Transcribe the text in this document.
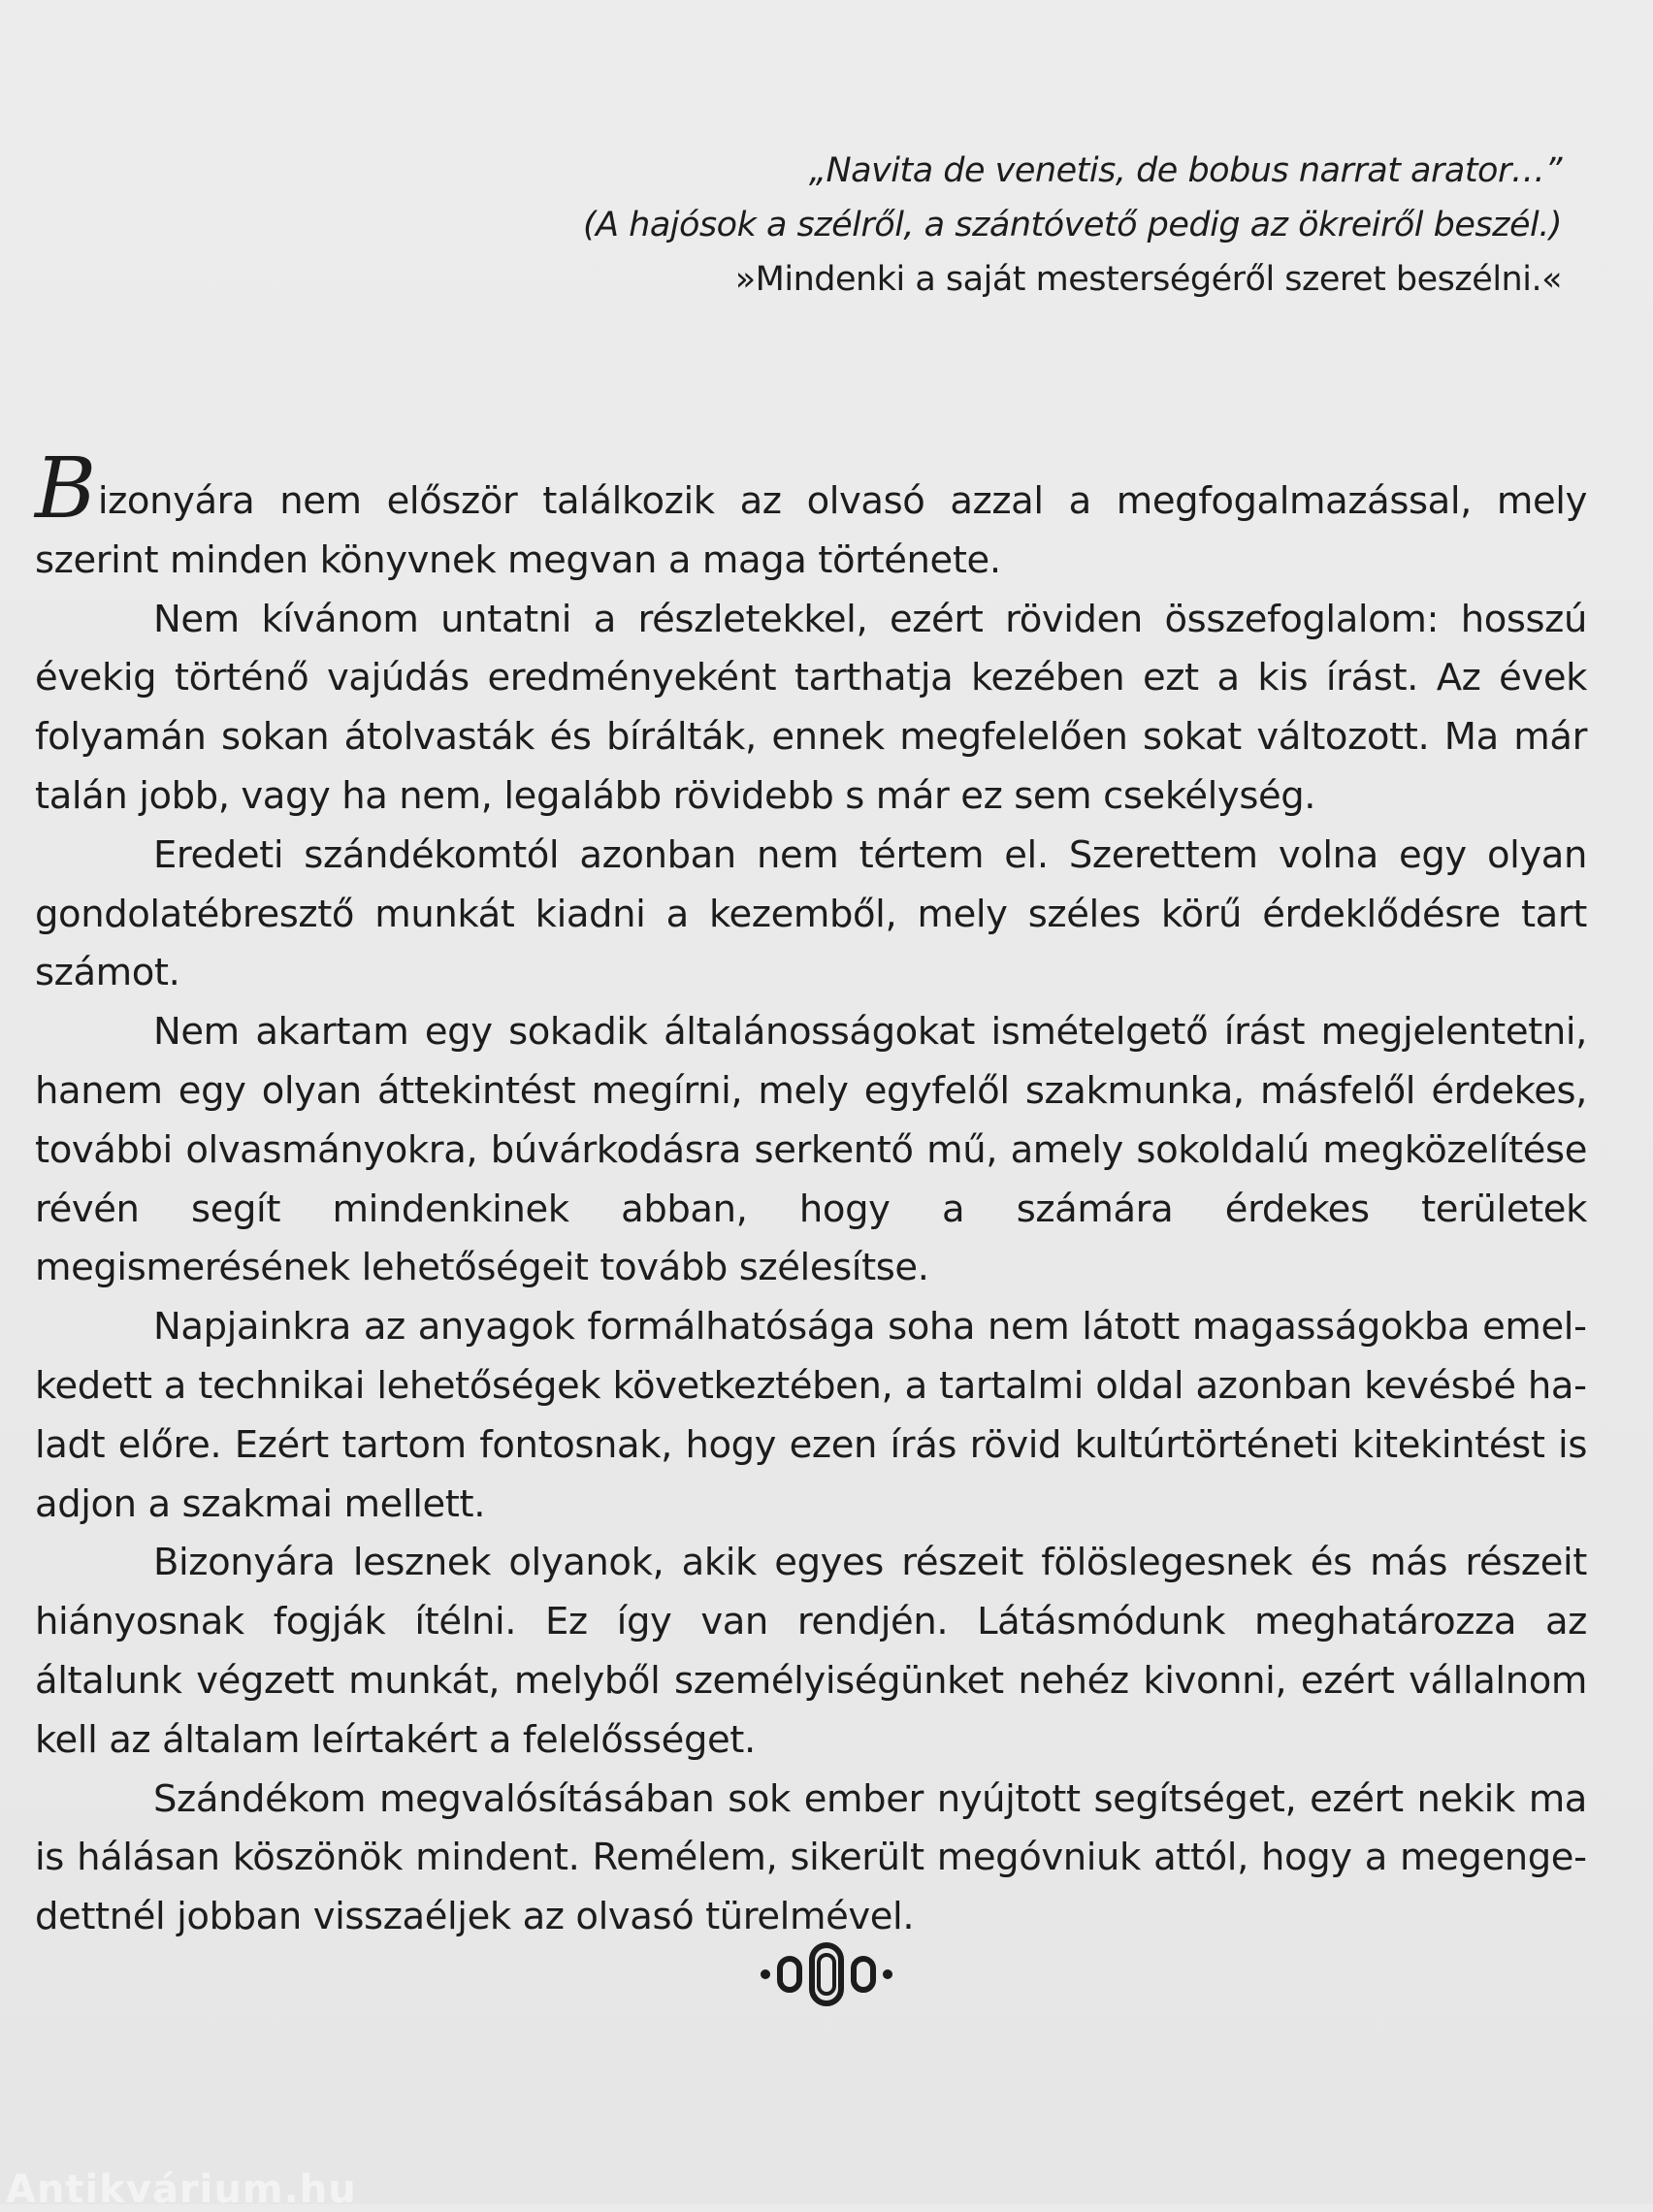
„Navita de venetis, de bobus narrat arator…”
(A hajósok a szélről, a szántóvető pedig az ökreiről beszél.)
»Mindenki a saját mesterségéről szeret beszélni.«

Bizonyára nem először találkozik az olvasó azzal a megfogalmazással, mely szerint minden könyvnek megvan a maga története.

Nem kívánom untatni a részletekkel, ezért röviden összefoglalom: hosszú évekig történő vajúdás eredményeként tarthatja kezében ezt a kis írást. Az évek folyamán sokan átolvasták és bírálták, ennek megfelelően sokat változott. Ma már talán jobb, vagy ha nem, legalább rövidebb s már ez sem csekélység.

Eredeti szándékomtól azonban nem tértem el. Szerettem volna egy olyan gondolatébresztő munkát kiadni a kezemből, mely széles körű érdeklődésre tart számot.

Nem akartam egy sokadik általánosságokat ismételgető írást megjelentetni, hanem egy olyan áttekintést megírni, mely egyfelől szakmunka, másfelől érdekes, további olvasmányokra, búvárkodásra serkentő mű, amely sokoldalú megközelítése révén segít mindenkinek abban, hogy a számára érdekes területek megismerésének lehetőségeit tovább szélesítse.

Napjainkra az anyagok formálhatósága soha nem látott magasságokba emelkedett a technikai lehetőségek következtében, a tartalmi oldal azonban kevésbé haladt előre. Ezért tartom fontosnak, hogy ezen írás rövid kultúrtörténeti kitekintést is adjon a szakmai mellett.

Bizonyára lesznek olyanok, akik egyes részeit fölöslegesnek és más részeit hiányosnak fogják ítélni. Ez így van rendjén. Látásmódunk meghatározza az általunk végzett munkát, melyből személyiségünket nehéz kivonni, ezért vállalnom kell az általam leírtakért a felelősséget.

Szándékom megvalósításában sok ember nyújtott segítséget, ezért nekik ma is hálásan köszönök mindent. Remélem, sikerült megóvniuk attól, hogy a megengedettnél jobban visszaéljek az olvasó türelmével.

Antikvárium.hu
